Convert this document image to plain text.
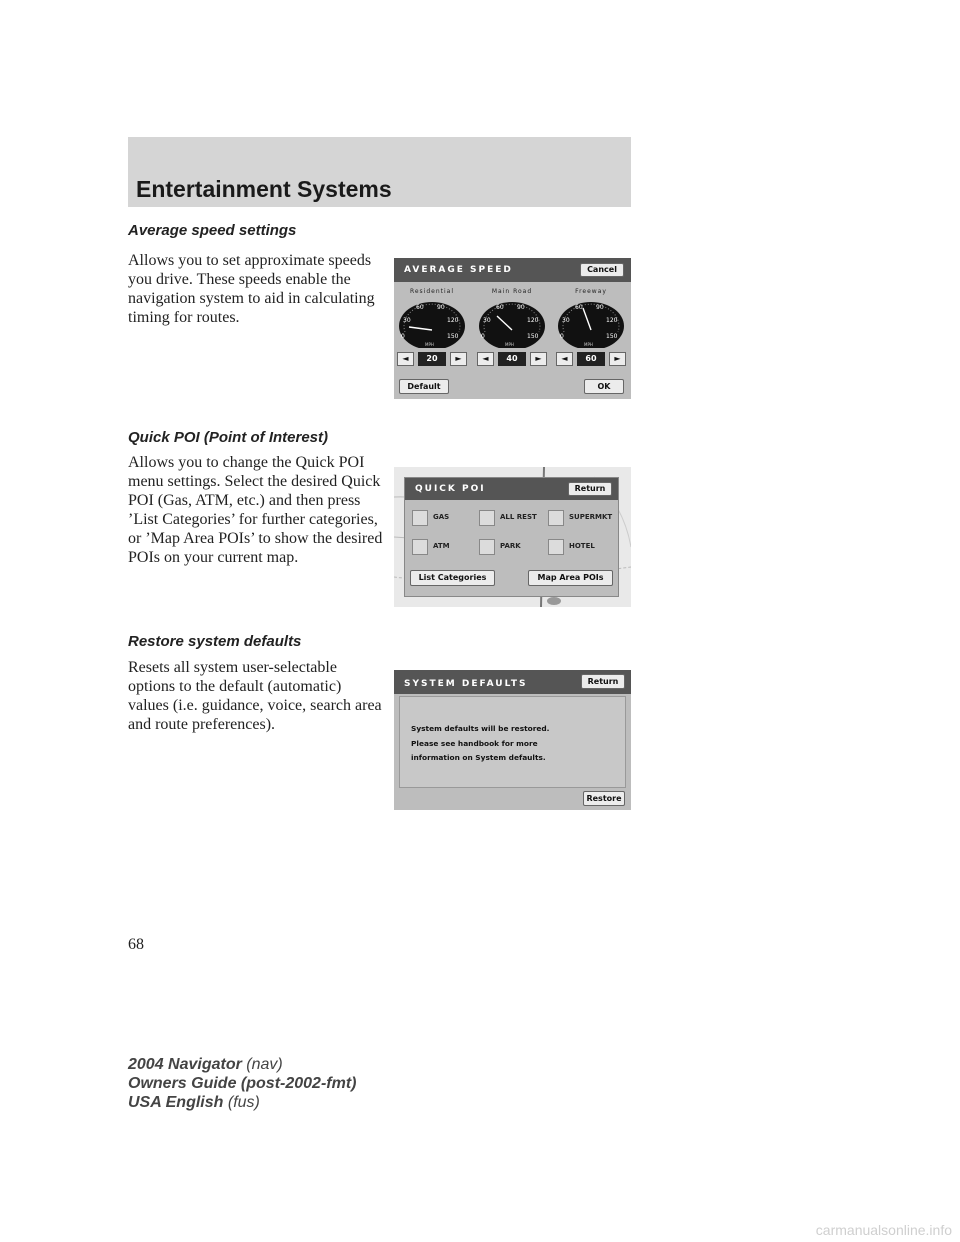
Entertainment Systems
Average speed settings

Allows you to set approximate speeds you drive. These speeds enable the navigation system to aid in calculating timing for routes.

AVERAGE SPEED	Cancel
Residential
0
30
60 90
120
150
MPH
◄	20	►
Main Road
0
30
60 90
120
150
MPH
◄	40	►
Freeway
0
30
60 90
120
150
MPH
◄	60	►
Default	OK
Quick POI (Point of Interest)

Allows you to change the Quick POI menu settings. Select the desired Quick POI (Gas, ATM, etc.) and then press ’List Categories’ for further categories, or ’Map Area POIs’ to show the desired POIs on your current map.

QUICK POI	Return
GAS	ALL REST	SUPERMKT
ATM	PARK	HOTEL
List Categories	Map Area POIs
Restore system defaults

Resets all system user-selectable options to the default (automatic) values (i.e. guidance, voice, search area and route preferences).

SYSTEM DEFAULTS	Return
System defaults will be restored.
Please see handbook for more
information on System defaults.
Restore

68

2004 Navigator (nav)
Owners Guide (post-2002-fmt)
USA English (fus)
carmanualsonline.info
